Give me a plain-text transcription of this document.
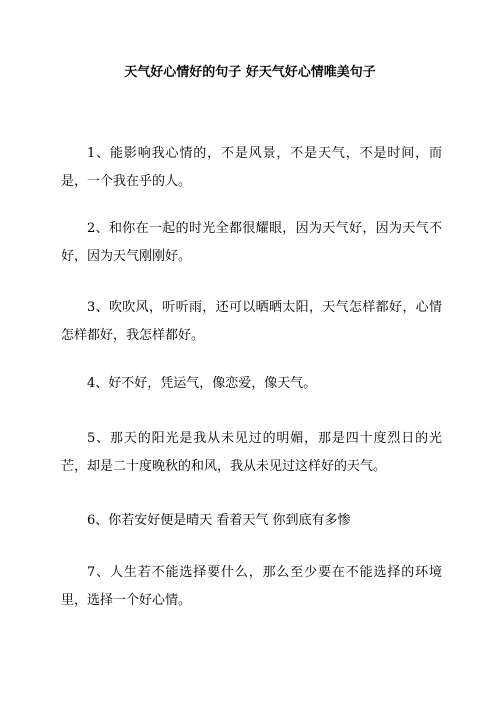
天气好心情好的句子 好天气好心情唯美句子

1、能影响我心情的，不是风景，不是天气，不是时间，而是，一个我在乎的人。

2、和你在一起的时光全都很耀眼，因为天气好，因为天气不好，因为天气刚刚好。

3、吹吹风，听听雨，还可以晒晒太阳，天气怎样都好，心情怎样都好，我怎样都好。

4、好不好，凭运气，像恋爱，像天气。

5、那天的阳光是我从未见过的明媚，那是四十度烈日的光芒，却是二十度晚秋的和风，我从未见过这样好的天气。

6、你若安好便是晴天 看着天气 你到底有多惨

7、人生若不能选择要什么，那么至少要在不能选择的环境里，选择一个好心情。
